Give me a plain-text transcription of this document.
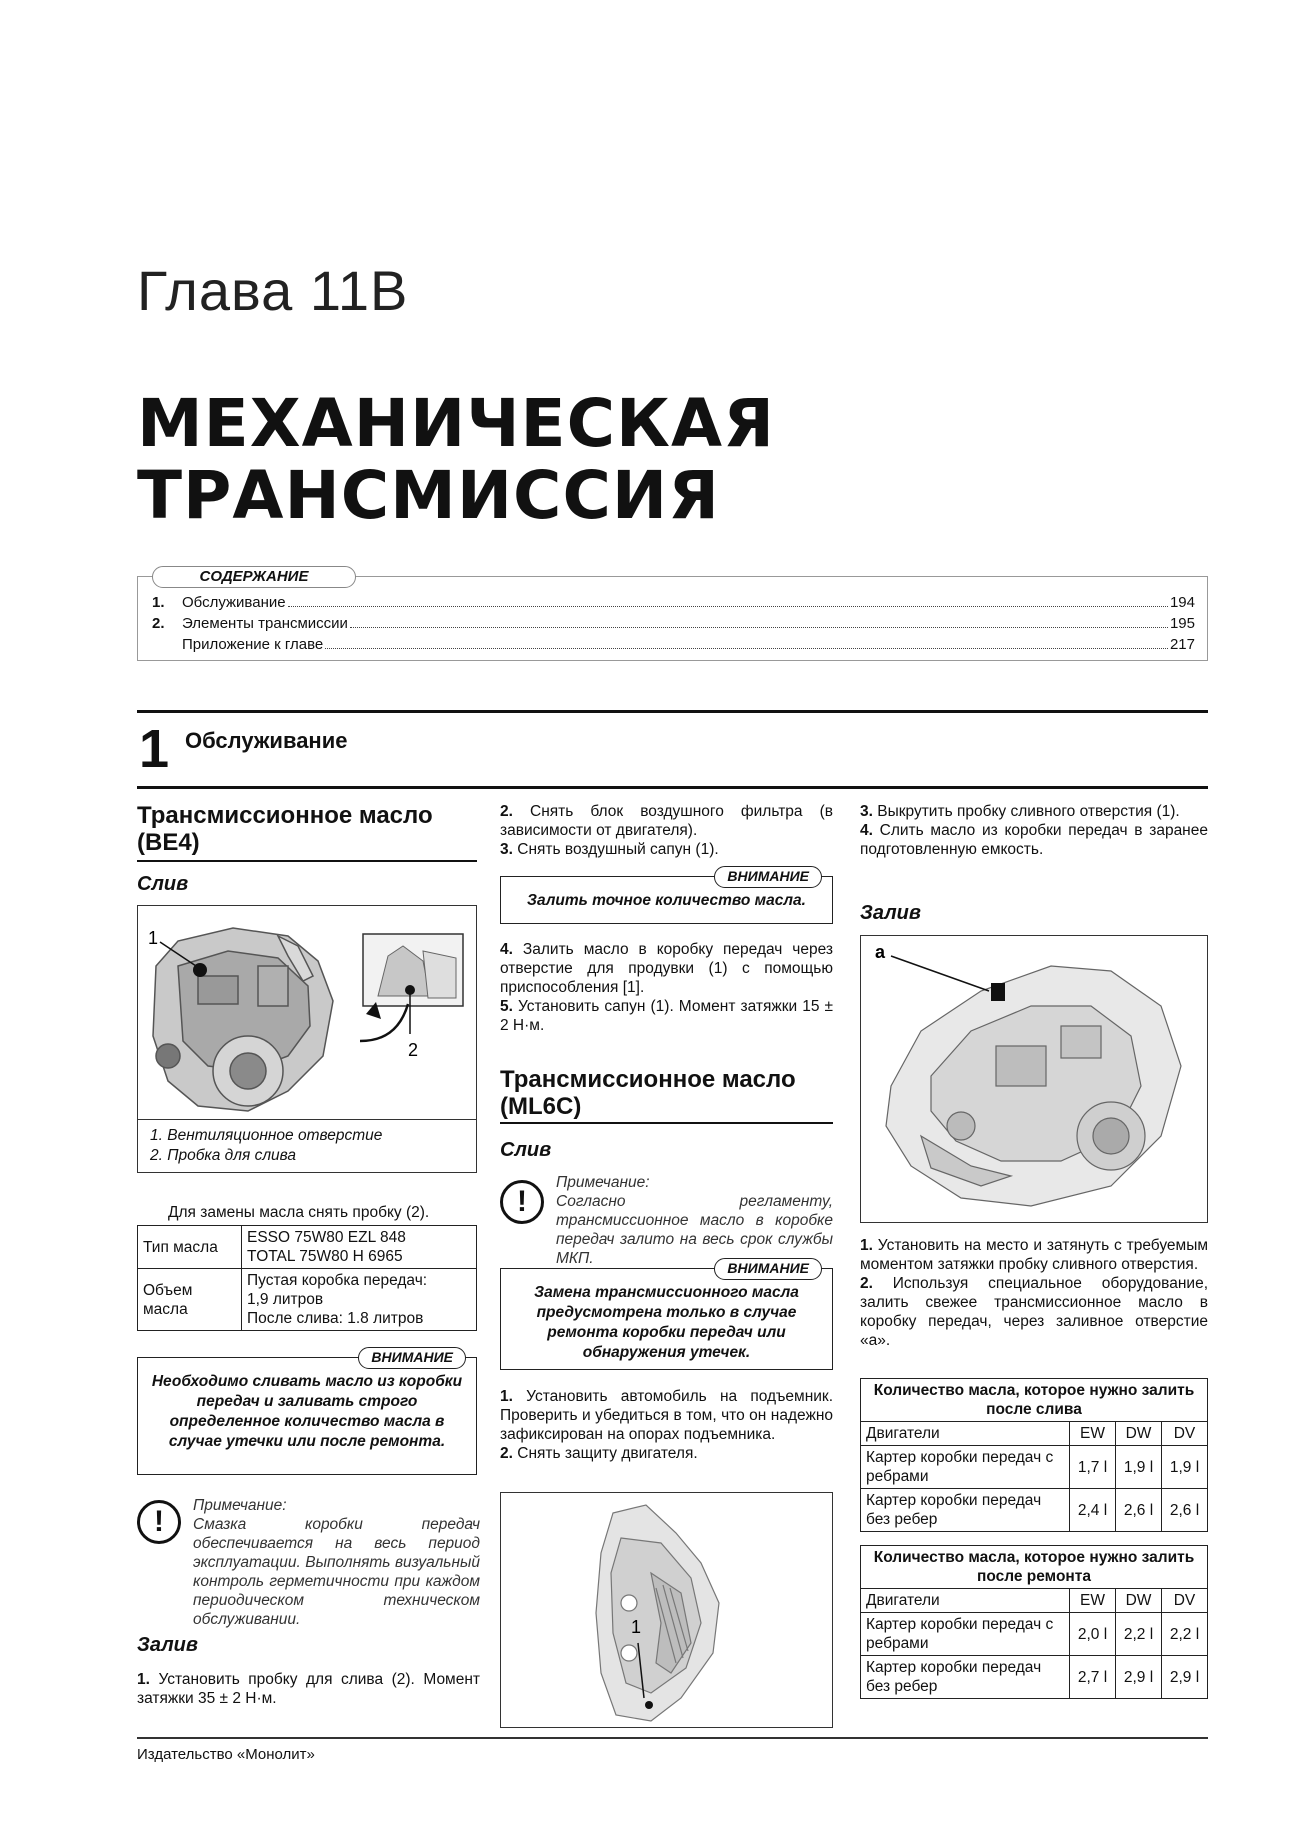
Глава 11В
МЕХАНИЧЕСКАЯ
ТРАНСМИССИЯ
СОДЕРЖАНИЕ
1.	Обслуживание	194
2.	Элементы трансмиссии	195
Приложение к главе	217
1 Обслуживание
Трансмиссионное масло
(BE4)
Слив
1
2
1. Вентиляционное отверстие
2. Пробка для слива
Для замены масла снять пробку (2).
Тип масла	ESSO 75W80 EZL 848
TOTAL 75W80 H 6965

Объем масла	Пустая коробка передач:
1,9 литров
После слива: 1.8 литров
ВНИМАНИЕ
Необходимо сливать масло из коробки передач и заливать строго определенное количество масла в случае утечки или после ремонта.
!	Примечание:
Смазка коробки передач обеспечивается на весь период эксплуатации. Выполнять визуальный контроль герметичности при каждом периодическом техническом обслуживании.
Залив
1. Установить пробку для слива (2). Момент затяжки 35 ± 2 Н·м.
2. Снять блок воздушного фильтра (в зависимости от двигателя).
3. Снять воздушный сапун (1).
ВНИМАНИЕ
Залить точное количество масла.
4. Залить масло в коробку передач через отверстие для продувки (1) с помощью приспособления [1].
5. Установить сапун (1). Момент затяжки 15 ± 2 Н·м.
Трансмиссионное масло
(ML6C)
Слив
!
Примечание:
Согласно регламенту, трансмиссионное масло в коробке передач залито на весь срок службы МКП.
ВНИМАНИЕ
Замена трансмиссионного масла предусмотрена только в случае ремонта коробки передач или обнаружения утечек.
1. Установить автомобиль на подъемник. Проверить и убедиться в том, что он надежно зафиксирован на опорах подъемника.
2. Снять защиту двигателя.
1
3. Выкрутить пробку сливного отверстия (1).
4. Слить масло из коробки передач в заранее подготовленную емкость.
Залив
а
1. Установить на место и затянуть с требуемым моментом затяжки пробку сливного отверстия.
2. Используя специальное оборудование, залить свежее трансмиссионное масло в коробку передач, через заливное отверстие «а».
Количество масла, которое нужно залить после слива			
Двигатели	EW	DW	DV
Картер коробки передач с ребрами	1,7 l	1,9 l	1,9 l
Картер коробки передач без ребер	2,4 l	2,6 l	2,6 l
Количество масла, которое нужно залить после ремонта			
Двигатели	EW	DW	DV
Картер коробки передач с ребрами	2,0 l	2,2 l	2,2 l
Картер коробки передач без ребер	2,7 l	2,9 l	2,9 l
Издательство «Монолит»
